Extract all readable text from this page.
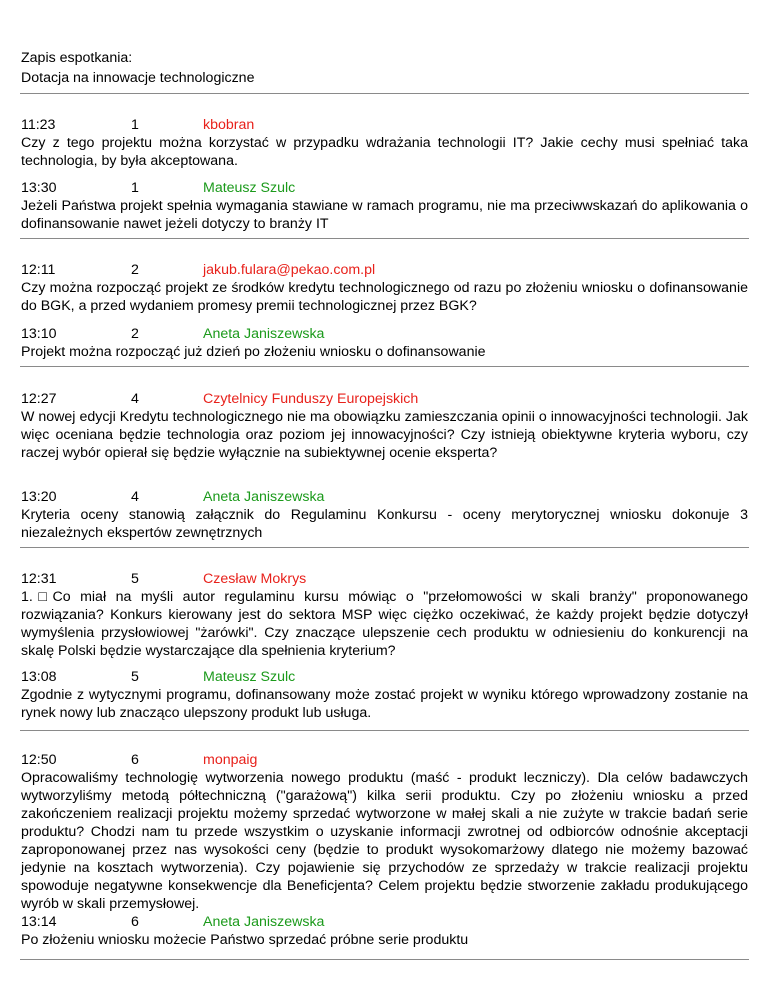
Zapis espotkania:
Dotacja na innowacje technologiczne
11:23	1	kbobran
Czy z tego projektu można korzystać w przypadku wdrażania technologii IT? Jakie cechy musi spełniać taka technologia, by była akceptowana.
13:30	1	Mateusz Szulc
Jeżeli Państwa projekt spełnia wymagania stawiane w ramach programu, nie ma przeciwwskazań do aplikowania o dofinansowanie nawet jeżeli dotyczy to branży IT
12:11	2	jakub.fulara@pekao.com.pl
Czy można rozpocząć projekt ze środków kredytu technologicznego od razu po złożeniu wniosku o dofinansowanie do BGK, a przed wydaniem promesy premii technologicznej przez BGK?
13:10	2	Aneta Janiszewska
Projekt można rozpocząć już dzień po złożeniu wniosku o dofinansowanie
12:27	4	Czytelnicy Funduszy Europejskich
W nowej edycji Kredytu technologicznego nie ma obowiązku zamieszczania opinii o innowacyjności technologii. Jak więc oceniana będzie technologia oraz poziom jej innowacyjności? Czy istnieją obiektywne kryteria wyboru, czy raczej wybór opierał się będzie wyłącznie na subiektywnej ocenie eksperta?
13:20	4	Aneta Janiszewska
Kryteria oceny stanowią załącznik do Regulaminu Konkursu - oceny merytorycznej wniosku dokonuje 3 niezależnych ekspertów zewnętrznych
12:31	5	Czesław Mokrys
1.□Co miał na myśli autor regulaminu kursu mówiąc o "przełomowości w skali branży" proponowanego rozwiązania? Konkurs kierowany jest do sektora MSP więc ciężko oczekiwać, że każdy projekt będzie dotyczył wymyślenia przysłowiowej "żarówki". Czy znaczące ulepszenie cech produktu w odniesieniu do konkurencji na skalę Polski będzie wystarczające dla spełnienia kryterium?
13:08	5	Mateusz Szulc
Zgodnie z wytycznymi programu, dofinansowany może zostać projekt w wyniku którego wprowadzony zostanie na rynek nowy lub znacząco ulepszony produkt lub usługa.
12:50	6	monpaig
Opracowaliśmy technologię wytworzenia nowego produktu (maść - produkt leczniczy). Dla celów badawczych wytworzyliśmy metodą półtechniczną ("garażową") kilka serii produktu. Czy po złożeniu wniosku a przed zakończeniem realizacji projektu możemy sprzedać wytworzone w małej skali a nie zużyte w trakcie badań serie produktu? Chodzi nam tu przede wszystkim o uzyskanie informacji zwrotnej od odbiorców odnośnie akceptacji zaproponowanej przez nas wysokości ceny (będzie to produkt wysokomarżowy dlatego nie możemy bazować jedynie na kosztach wytworzenia). Czy pojawienie się przychodów ze sprzedaży w trakcie realizacji projektu spowoduje negatywne konsekwencje dla Beneficjenta? Celem projektu będzie stworzenie zakładu produkującego wyrób w skali przemysłowej.
13:14	6	Aneta Janiszewska
Po złożeniu wniosku możecie Państwo sprzedać próbne serie produktu
